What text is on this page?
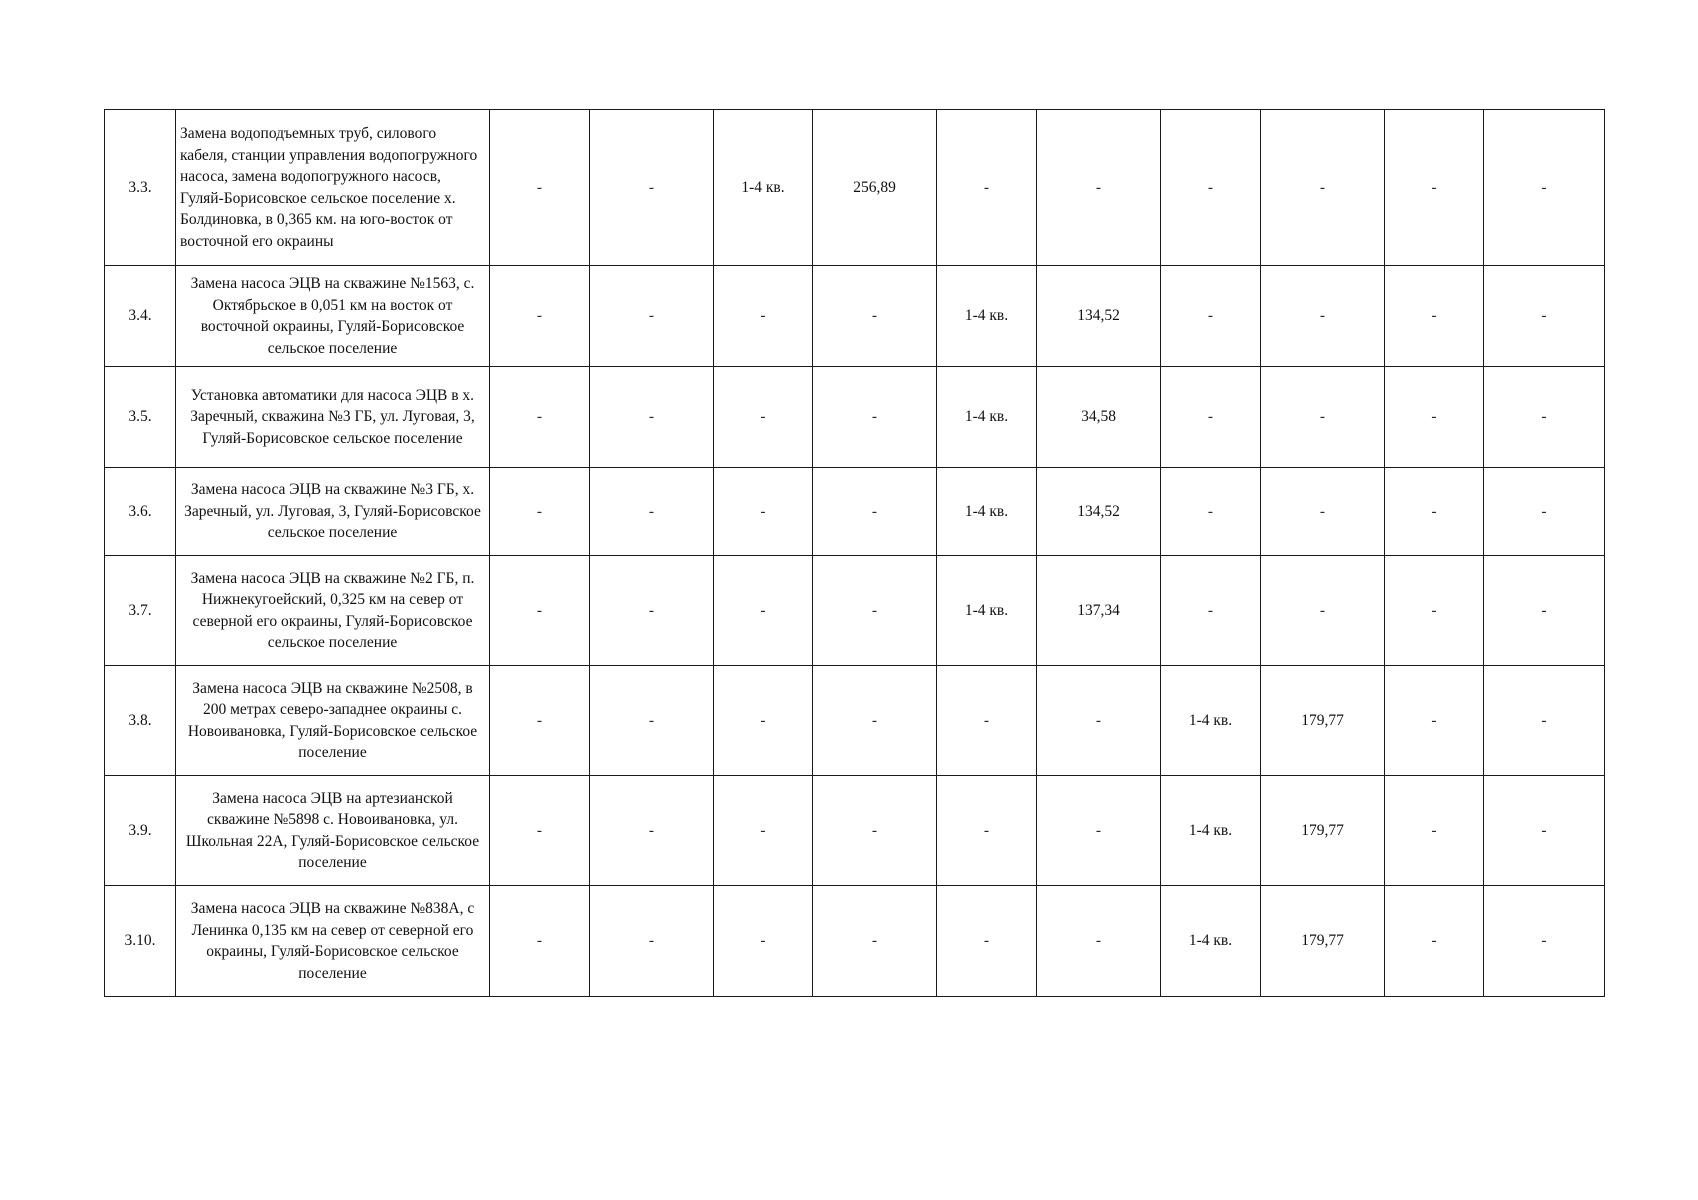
3.3.	Замена водоподъемных труб, силового кабеля, станции управления водопогружного насоса, замена водопогружного насосв, Гуляй-Борисовское сельское поселение х. Болдиновка, в 0,365 км. на юго-восток от восточной его окраины	-	-	1-4 кв.	256,89	-	-	-	-	-	-
3.4.	Замена насоса ЭЦВ на скважине №1563, с. Октябрьское в 0,051 км на восток от восточной окраины, Гуляй-Борисовское сельское поселение	-	-	-	-	1-4 кв.	134,52	-	-	-	-
3.5.	Установка автоматики для насоса ЭЦВ в х. Заречный, скважина №3 ГБ, ул. Луговая, 3, Гуляй-Борисовское сельское поселение	-	-	-	-	1-4 кв.	34,58	-	-	-	-
3.6.	Замена насоса ЭЦВ на скважине №3 ГБ, х. Заречный, ул. Луговая, 3, Гуляй-Борисовское сельское поселение	-	-	-	-	1-4 кв.	134,52	-	-	-	-
3.7.	Замена насоса ЭЦВ на скважине №2 ГБ, п. Нижнекугоейский, 0,325 км на север от северной его окраины, Гуляй-Борисовское сельское поселение	-	-	-	-	1-4 кв.	137,34	-	-	-	-
3.8.	Замена насоса ЭЦВ на скважине №2508, в 200 метрах северо-западнее окраины с. Новоивановка, Гуляй-Борисовское сельское поселение	-	-	-	-	-	-	1-4 кв.	179,77	-	-
3.9.	Замена насоса ЭЦВ на артезианской скважине №5898 с. Новоивановка, ул. Школьная 22А, Гуляй-Борисовское сельское поселение	-	-	-	-	-	-	1-4 кв.	179,77	-	-
3.10.	Замена насоса ЭЦВ на скважине №838А, с Ленинка 0,135 км на север от северной его окраины, Гуляй-Борисовское сельское поселение	-	-	-	-	-	-	1-4 кв.	179,77	-	-
